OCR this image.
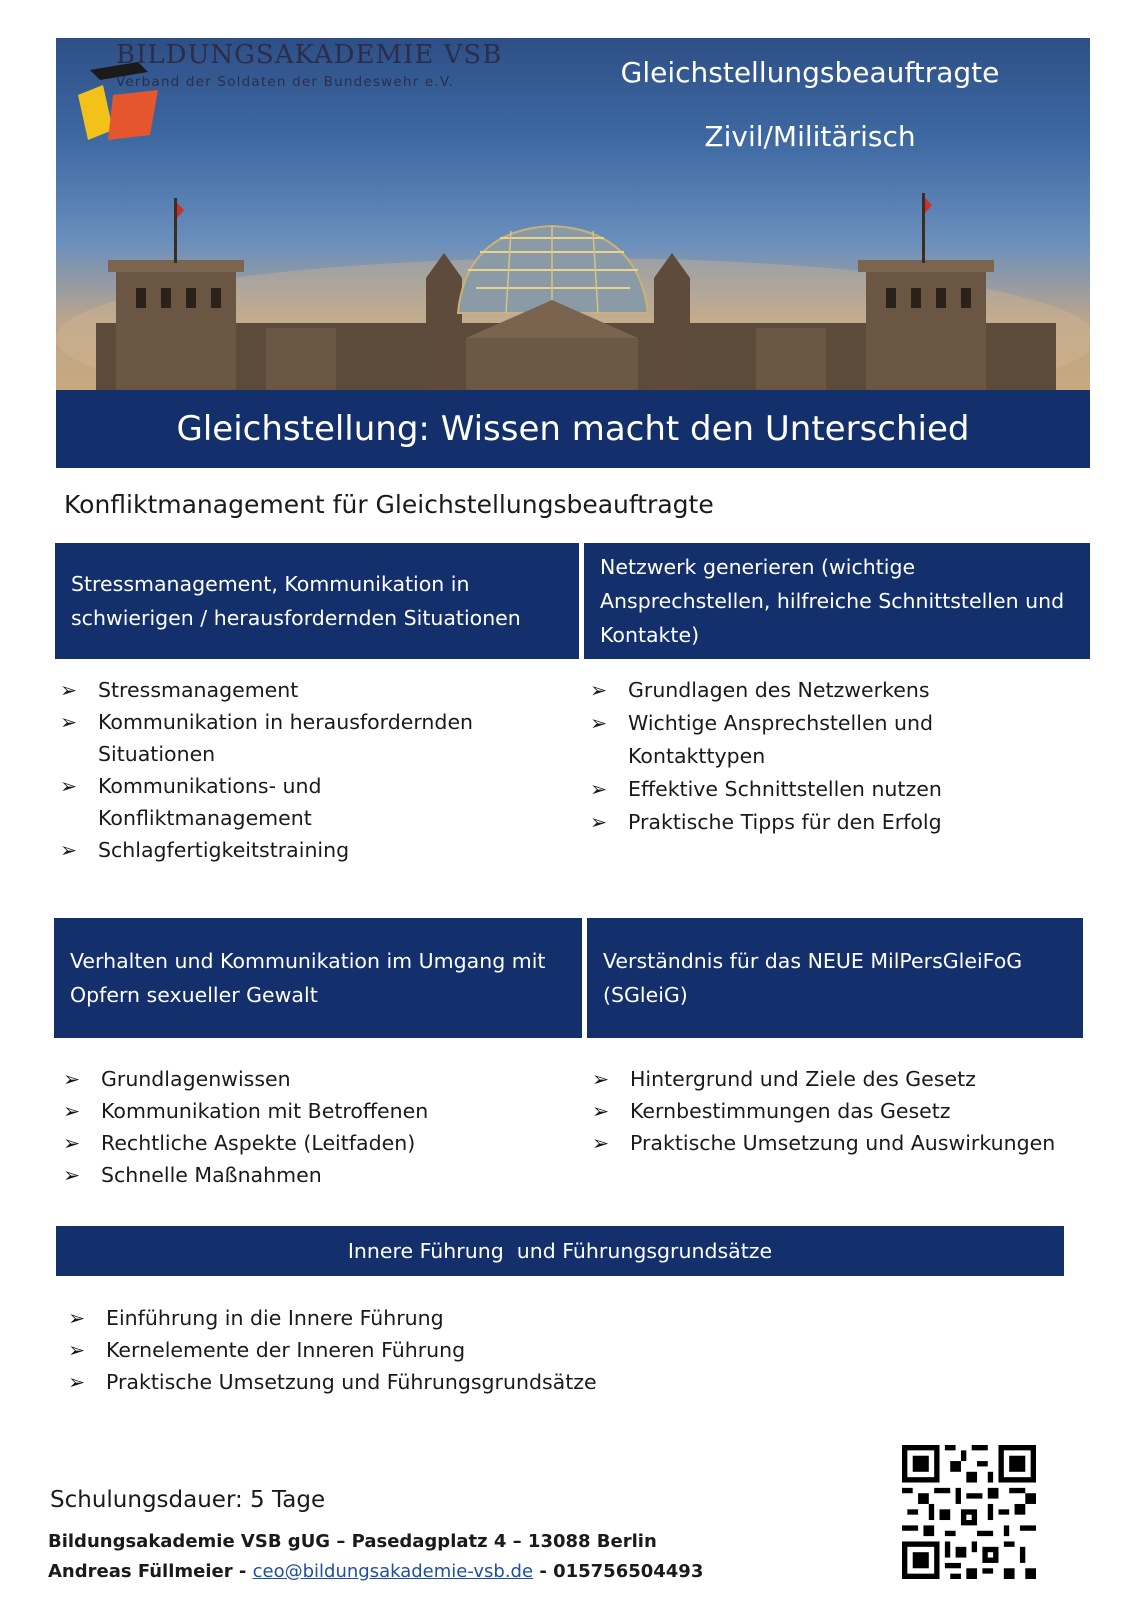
BILDUNGSAKADEMIE VSB
Verband der Soldaten der Bundeswehr e.V.	Gleichstellungsbeauftragte
Zivil/Militärisch
Gleichstellung: Wissen macht den Unterschied
Konfliktmanagement für Gleichstellungsbeauftragte
Stressmanagement, Kommunikation in schwierigen / herausfordernden Situationen
➢ Stressmanagement
➢ Kommunikation in herausfordernden Situationen
➢ Kommunikations- und Konfliktmanagement
➢ Schlagfertigkeitstraining
Netzwerk generieren (wichtige Ansprechstellen, hilfreiche Schnittstellen und Kontakte)
➢ Grundlagen des Netzwerkens
➢ Wichtige Ansprechstellen und Kontakttypen
➢ Effektive Schnittstellen nutzen
➢ Praktische Tipps für den Erfolg
Verhalten und Kommunikation im Umgang mit Opfern sexueller Gewalt
➢ Grundlagenwissen
➢ Kommunikation mit Betroffenen
➢ Rechtliche Aspekte (Leitfaden)
➢ Schnelle Maßnahmen
Verständnis für das NEUE MilPersGleiFoG (SGleiG)
➢ Hintergrund und Ziele des Gesetz
➢ Kernbestimmungen das Gesetz
➢ Praktische Umsetzung und Auswirkungen
Innere Führung  und Führungsgrundsätze
➢ Einführung in die Innere Führung
➢ Kernelemente der Inneren Führung
➢ Praktische Umsetzung und Führungsgrundsätze
Schulungsdauer: 5 Tage
Bildungsakademie VSB gUG – Pasedagplatz 4 – 13088 Berlin
Andreas Füllmeier - ceo@bildungsakademie-vsb.de - 015756504493
